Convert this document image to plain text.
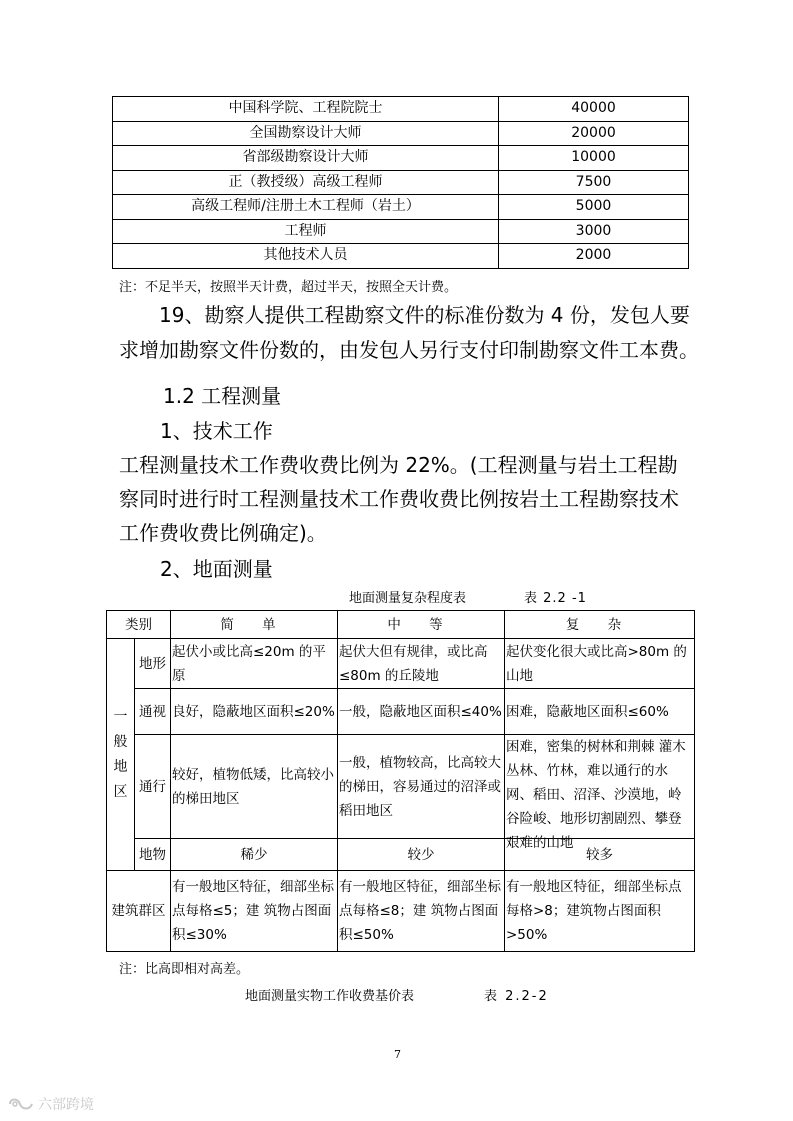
中国科学院、工程院院士	40000
全国勘察设计大师	20000
省部级勘察设计大师	10000
正（教授级）高级工程师	7500
高级工程师/注册土木工程师（岩土）	5000
工程师	3000
其他技术人员	2000
注：不足半天，按照半天计费，超过半天，按照全天计费。
19、勘察人提供工程勘察文件的标准份数为 4 份，发包人要
求增加勘察文件份数的，由发包人另行支付印制勘察文件工本费。
1.2 工程测量
1、技术工作
工程测量技术工作费收费比例为 22%。(工程测量与岩土工程勘
察同时进行时工程测量技术工作费收费比例按岩土工程勘察技术
工作费收费比例确定)。
2、地面测量
地面测量复杂程度表	表 2.2 -1
类别		简 单	中 等	复 杂

一
般
地
区	地形	起伏小或比高≤20m 的平原	起伏大但有规律，或比高≤80m 的丘陵地	起伏变化很大或比高>80m 的山地
	通视	良好，隐蔽地区面积≤20%	一般，隐蔽地区面积≤40%	困难，隐蔽地区面积≤60%
	通行	较好，植物低矮，比高较小的梯田地区	一般，植物较高，比高较大的梯田，容易通过的沼泽或稻田地区	困难，密集的树林和荆棘 灌木丛林、竹林，难以通行的水网、稻田、沼泽、沙漠地，岭谷险峻、地形切割剧烈、攀登艰难的山地

	地物	稀少	较少	较多
建筑群区		有一般地区特征，细部坐标点每格≤5；建 筑物占图面积≤30%	有一般地区特征，细部坐标点每格≤8；建 筑物占图面积≤50%	有一般地区特征，细部坐标点每格>8；建筑物占图面积>50%
注：比高即相对高差。
地面测量实物工作收费基价表	表 2.2-2
7
六部跨境
